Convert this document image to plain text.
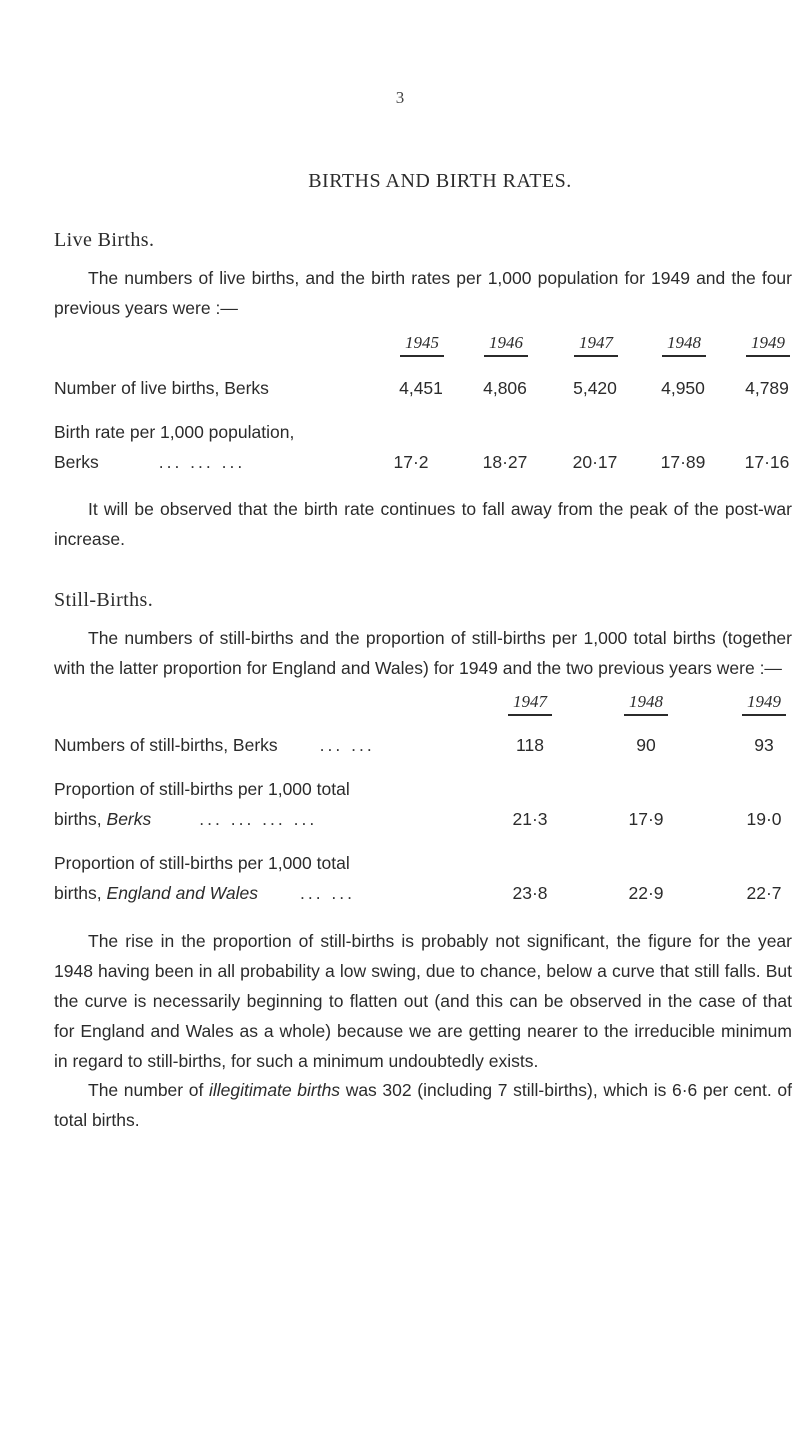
3
BIRTHS AND BIRTH RATES.
Live Births.
The numbers of live births, and the birth rates per 1,000 population for 1949 and the four previous years were :—
1945	1946	1947	1948	1949
Number of live births, Berks	4,451	4,806	5,420	4,950	4,789
Birth rate per 1,000 population,
Berks	... ... ...	17·2	18·27	20·17	17·89	17·16
It will be observed that the birth rate continues to fall away from the peak of the post-war increase.
Still-Births.
The numbers of still-births and the proportion of still-births per 1,000 total births (together with the latter proportion for England and Wales) for 1949 and the two previous years were :—
1947	1948	1949
Numbers of still-births, Berks ... ...	118	90	93
Proportion of still-births per 1,000 total
births, Berks	... ... ... ...	21·3	17·9	19·0
Proportion of still-births per 1,000 total
births, England and Wales ... ...	23·8	22·9	22·7
The rise in the proportion of still-births is probably not significant, the figure for the year 1948 having been in all probability a low swing, due to chance, below a curve that still falls. But the curve is necessarily beginning to flatten out (and this can be observed in the case of that for England and Wales as a whole) because we are getting nearer to the irreducible minimum in regard to still-births, for such a minimum undoubtedly exists.
The number of illegitimate births was 302 (including 7 still-births), which is 6·6 per cent. of total births.
